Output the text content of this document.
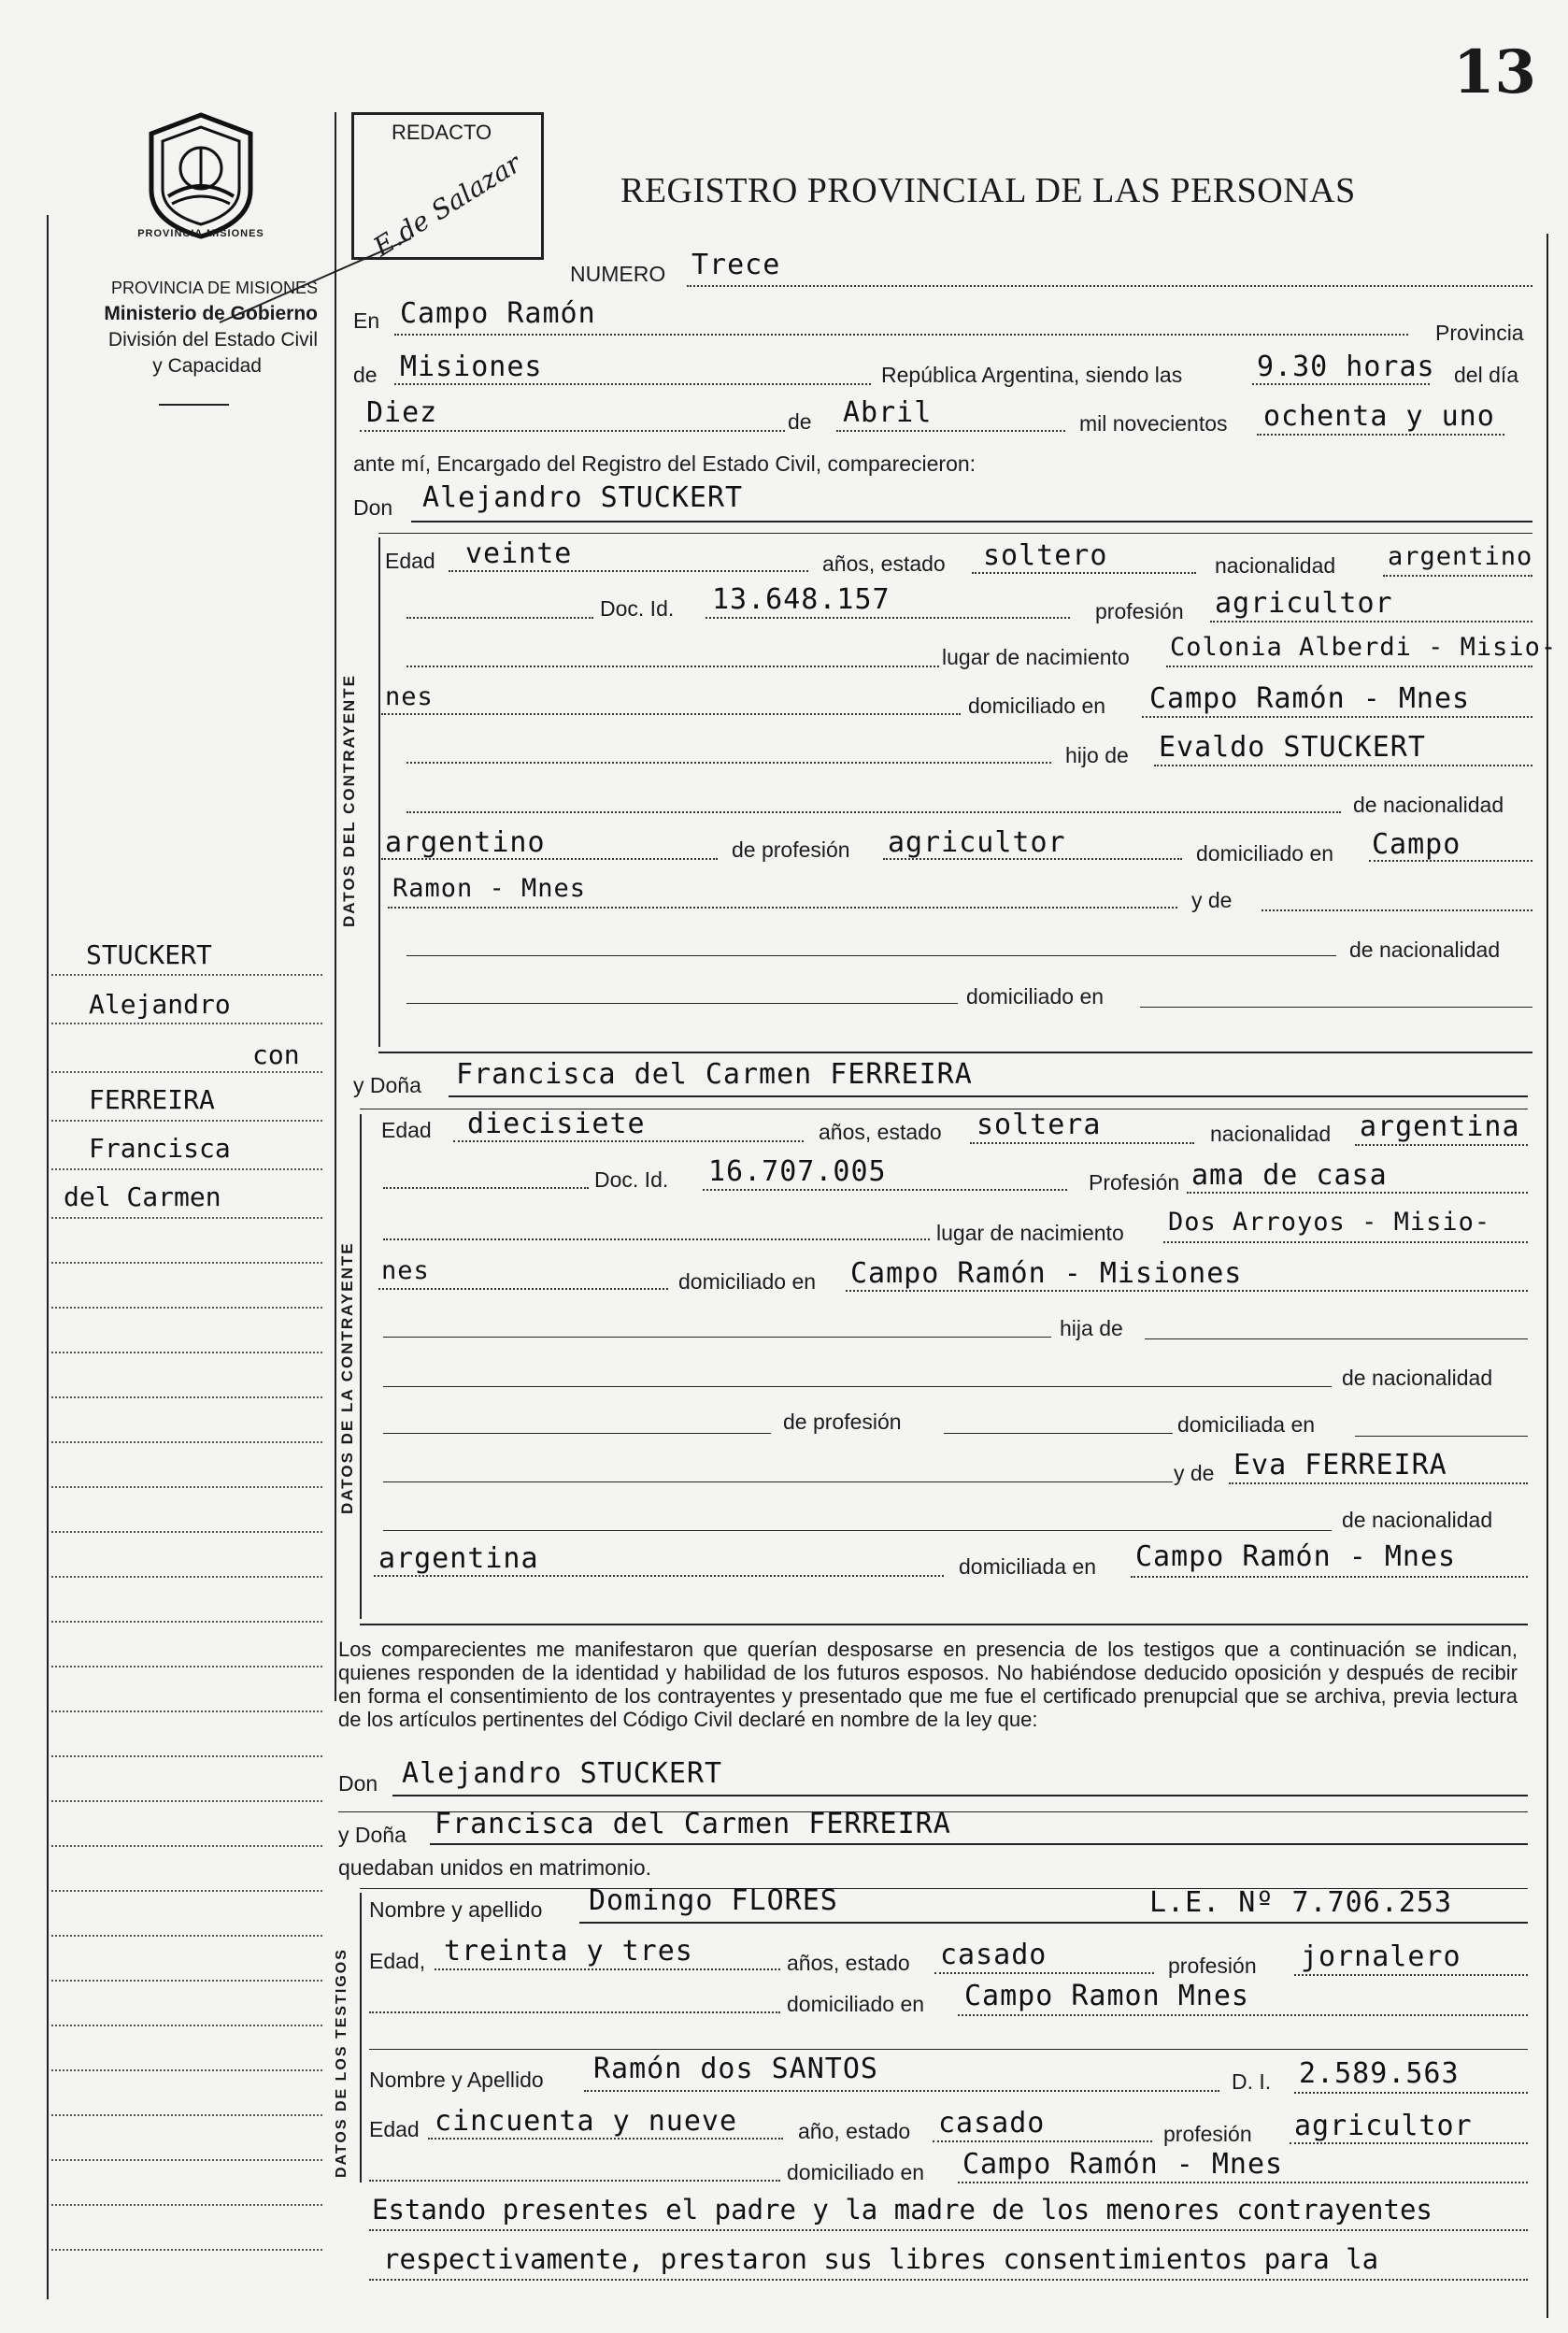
13
PROVINCIA MISIONES
PROVINCIA DE MISIONES
Ministerio de Gobierno
División del Estado Civil
y Capacidad
REDACTO
E.de Salazar	REGISTRO PROVINCIAL DE LAS PERSONAS
STUCKERT
Alejandro
con
FERREIRA
Francisca
del Carmen
NUMERO Trece
En Campo Ramón
Provincia
de Misiones	República Argentina, siendo las	9.30 horas del día
Diez	de Abril	mil novecientos ochenta y uno
ante mí, Encargado del Registro del Estado Civil, comparecieron:
Don Alejandro STUCKERT
DATOS DEL CONTRAYENTE
Edad veinte	años, estado soltero	nacionalidad argentino
Doc. Id. 13.648.157	profesión agricultor
lugar de nacimiento Colonia Alberdi - Misio-
nes	domiciliado en Campo Ramón - Mnes
hijo de Evaldo STUCKERT
de nacionalidad
argentino	de profesión agricultor	domiciliado en Campo
Ramon - Mnes	y de
de nacionalidad
domiciliado en
y Doña Francisca del Carmen FERREIRA
DATOS DE LA CONTRAYENTE
Edad diecisiete	años, estado soltera	nacionalidad argentina
Doc. Id. 16.707.005	Profesión ama de casa
lugar de nacimiento Dos Arroyos - Misio-
nes	domiciliado en Campo Ramón - Misiones
hija de
de nacionalidad
de profesión	domiciliada en
y de Eva FERREIRA
de nacionalidad
argentina	domiciliada en Campo Ramón - Mnes
Los comparecientes me manifestaron que querían desposarse en presencia de los testigos que a continuación se indican, quienes responden de la identidad y habilidad de los futuros esposos. No habiéndose deducido oposición y después de recibir en forma el consentimiento de los contrayentes y presentado que me fue el certificado prenupcial que se archiva, previa lectura de los artículos pertinentes del Código Civil declaré en nombre de la ley que:
Don Alejandro STUCKERT
y Doña Francisca del Carmen FERREIRA
quedaban unidos en matrimonio.
DATOS DE LOS TESTIGOS
Nombre y apellido Domingo FLORES	L.E. Nº 7.706.253
Edad, treinta y tres	años, estado casado	profesión jornalero
domiciliado en Campo Ramon Mnes
Nombre y Apellido Ramón dos SANTOS	D. I. 2.589.563
Edad cincuenta y nueve	año, estado casado	profesión agricultor
domiciliado en Campo Ramón - Mnes
Estando presentes el padre y la madre de los menores contrayentes
respectivamente, prestaron sus libres consentimientos para la
